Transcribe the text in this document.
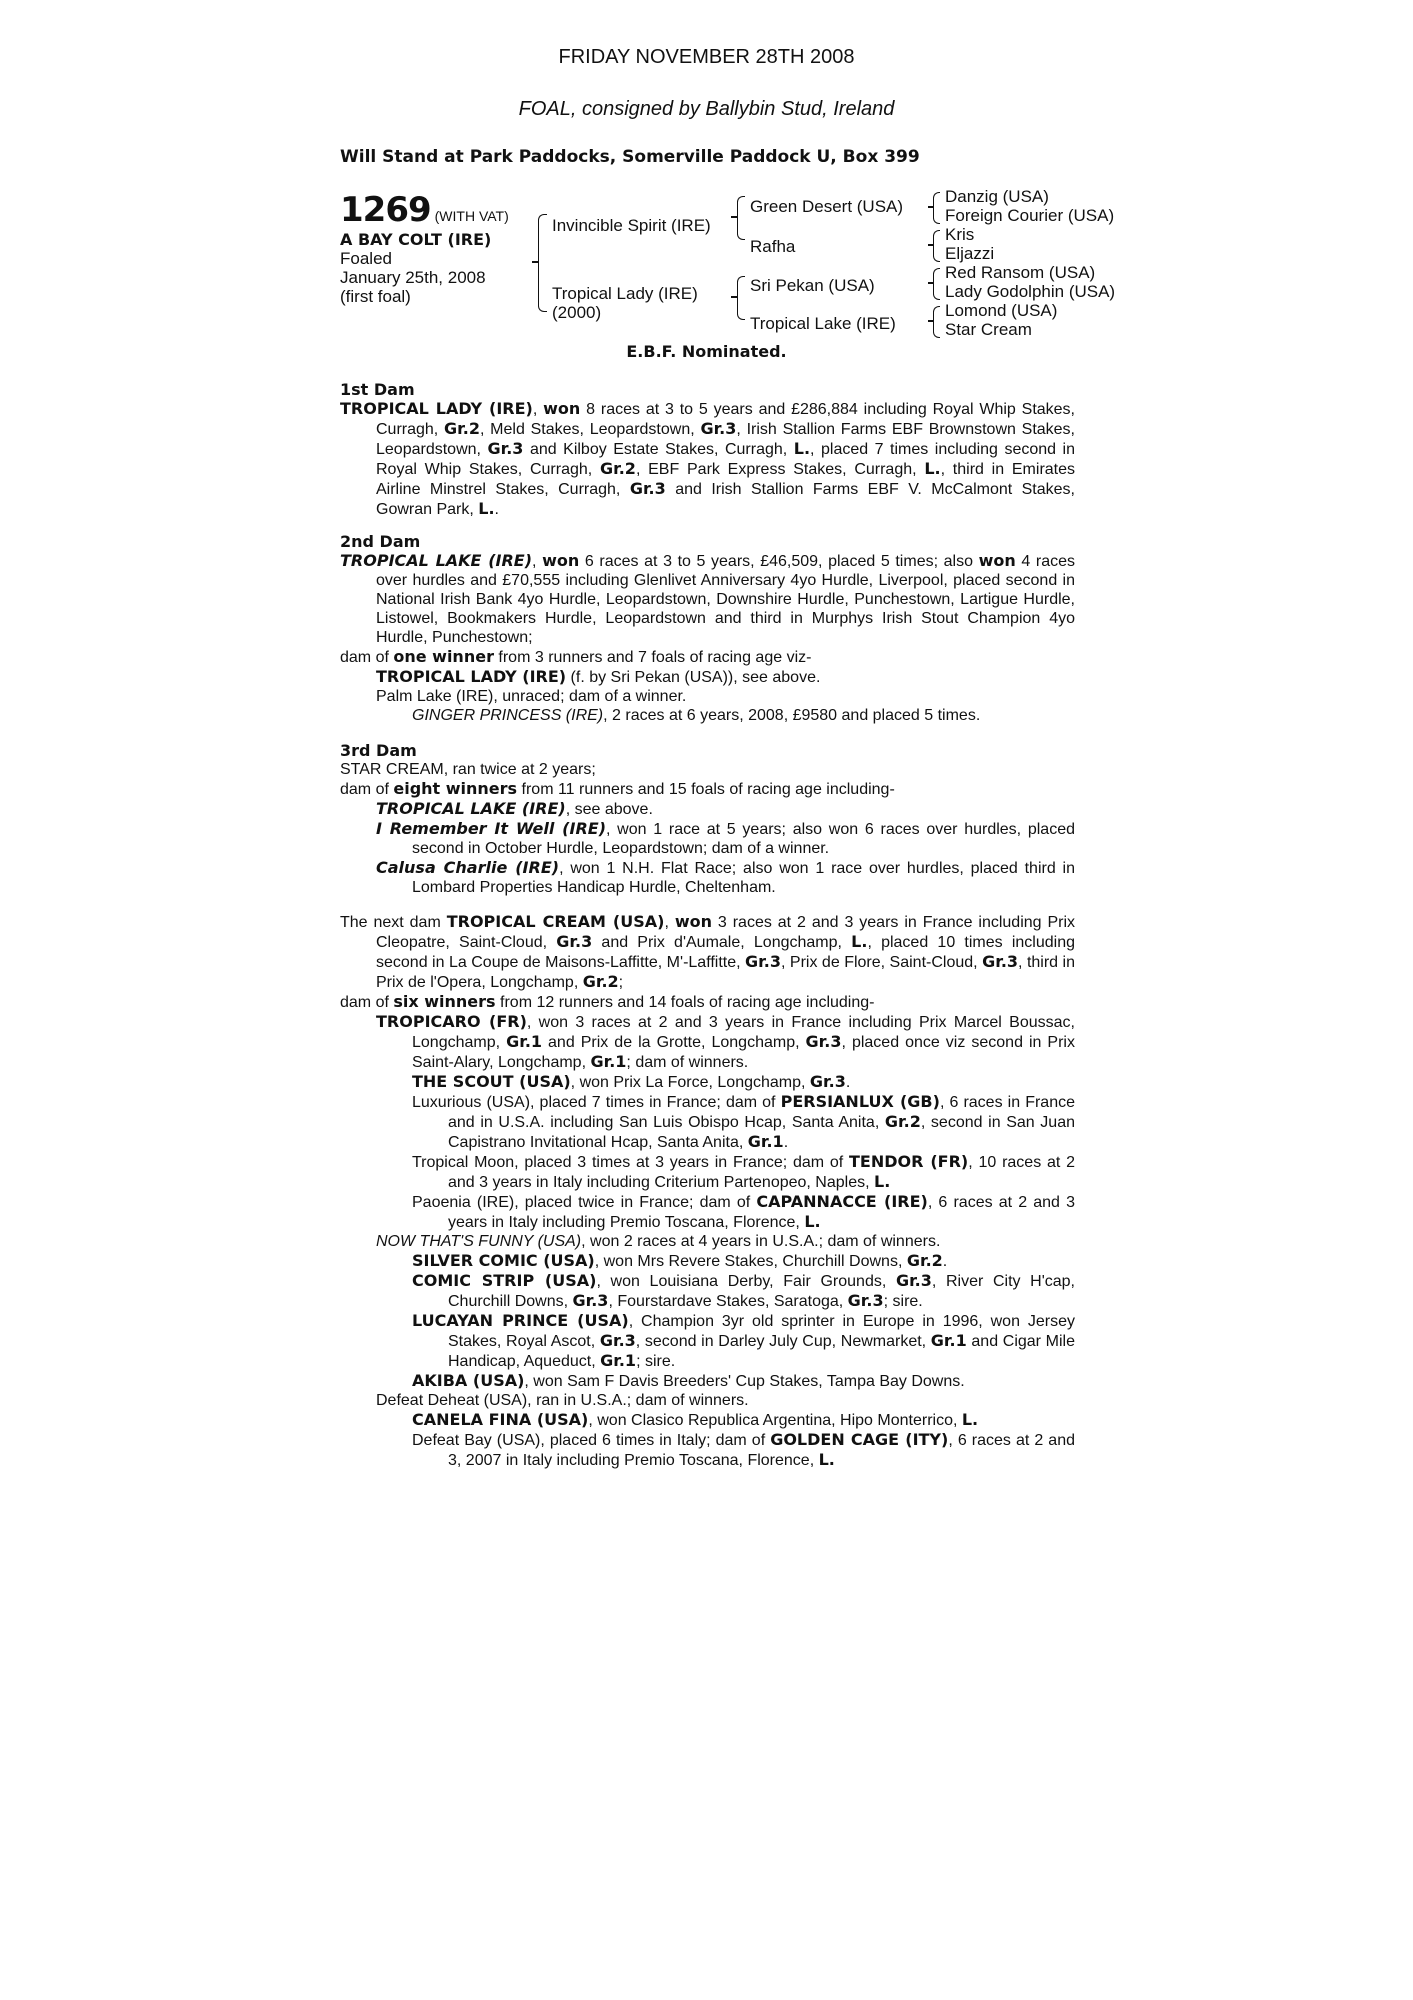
FRIDAY NOVEMBER 28TH 2008
FOAL, consigned by Ballybin Stud, Ireland
Will Stand at Park Paddocks, Somerville Paddock U, Box 399
1269 (WITH VAT)
A BAY COLT (IRE)
Foaled
January 25th, 2008
(first foal)
Invincible Spirit (IRE)
Tropical Lady (IRE)
(2000)
Green Desert (USA)
Rafha
Sri Pekan (USA)
Tropical Lake (IRE)
Danzig (USA)
Foreign Courier (USA)
Kris
Eljazzi
Red Ransom (USA)
Lady Godolphin (USA)
Lomond (USA)
Star Cream
E.B.F. Nominated.
1st Dam
TROPICAL LADY (IRE), won 8 races at 3 to 5 years and £286,884 including Royal Whip Stakes, Curragh, Gr.2, Meld Stakes, Leopardstown, Gr.3, Irish Stallion Farms EBF Brownstown Stakes, Leopardstown, Gr.3 and Kilboy Estate Stakes, Curragh, L., placed 7 times including second in Royal Whip Stakes, Curragh, Gr.2, EBF Park Express Stakes, Curragh, L., third in Emirates Airline Minstrel Stakes, Curragh, Gr.3 and Irish Stallion Farms EBF V. McCalmont Stakes, Gowran Park, L..
2nd Dam
TROPICAL LAKE (IRE), won 6 races at 3 to 5 years, £46,509, placed 5 times; also won 4 races over hurdles and £70,555 including Glenlivet Anniversary 4yo Hurdle, Liverpool, placed second in National Irish Bank 4yo Hurdle, Leopardstown, Downshire Hurdle, Punchestown, Lartigue Hurdle, Listowel, Bookmakers Hurdle, Leopardstown and third in Murphys Irish Stout Champion 4yo Hurdle, Punchestown;
dam of one winner from 3 runners and 7 foals of racing age viz-
TROPICAL LADY (IRE) (f. by Sri Pekan (USA)), see above.
Palm Lake (IRE), unraced; dam of a winner.
GINGER PRINCESS (IRE), 2 races at 6 years, 2008, £9580 and placed 5 times.
3rd Dam
STAR CREAM, ran twice at 2 years;
dam of eight winners from 11 runners and 15 foals of racing age including-
TROPICAL LAKE (IRE), see above.
I Remember It Well (IRE), won 1 race at 5 years; also won 6 races over hurdles, placed second in October Hurdle, Leopardstown; dam of a winner.
Calusa Charlie (IRE), won 1 N.H. Flat Race; also won 1 race over hurdles, placed third in Lombard Properties Handicap Hurdle, Cheltenham.
The next dam TROPICAL CREAM (USA), won 3 races at 2 and 3 years in France including Prix Cleopatre, Saint-Cloud, Gr.3 and Prix d'Aumale, Longchamp, L., placed 10 times including second in La Coupe de Maisons-Laffitte, M'-Laffitte, Gr.3, Prix de Flore, Saint-Cloud, Gr.3, third in Prix de l'Opera, Longchamp, Gr.2;
dam of six winners from 12 runners and 14 foals of racing age including-
TROPICARO (FR), won 3 races at 2 and 3 years in France including Prix Marcel Boussac, Longchamp, Gr.1 and Prix de la Grotte, Longchamp, Gr.3, placed once viz second in Prix Saint-Alary, Longchamp, Gr.1; dam of winners.
THE SCOUT (USA), won Prix La Force, Longchamp, Gr.3.
Luxurious (USA), placed 7 times in France; dam of PERSIANLUX (GB), 6 races in France and in U.S.A. including San Luis Obispo Hcap, Santa Anita, Gr.2, second in San Juan Capistrano Invitational Hcap, Santa Anita, Gr.1.
Tropical Moon, placed 3 times at 3 years in France; dam of TENDOR (FR), 10 races at 2 and 3 years in Italy including Criterium Partenopeo, Naples, L.
Paoenia (IRE), placed twice in France; dam of CAPANNACCE (IRE), 6 races at 2 and 3 years in Italy including Premio Toscana, Florence, L.
NOW THAT'S FUNNY (USA), won 2 races at 4 years in U.S.A.; dam of winners.
SILVER COMIC (USA), won Mrs Revere Stakes, Churchill Downs, Gr.2.
COMIC STRIP (USA), won Louisiana Derby, Fair Grounds, Gr.3, River City H'cap, Churchill Downs, Gr.3, Fourstardave Stakes, Saratoga, Gr.3; sire.
LUCAYAN PRINCE (USA), Champion 3yr old sprinter in Europe in 1996, won Jersey Stakes, Royal Ascot, Gr.3, second in Darley July Cup, Newmarket, Gr.1 and Cigar Mile Handicap, Aqueduct, Gr.1; sire.
AKIBA (USA), won Sam F Davis Breeders' Cup Stakes, Tampa Bay Downs.
Defeat Deheat (USA), ran in U.S.A.; dam of winners.
CANELA FINA (USA), won Clasico Republica Argentina, Hipo Monterrico, L.
Defeat Bay (USA), placed 6 times in Italy; dam of GOLDEN CAGE (ITY), 6 races at 2 and 3, 2007 in Italy including Premio Toscana, Florence, L.
